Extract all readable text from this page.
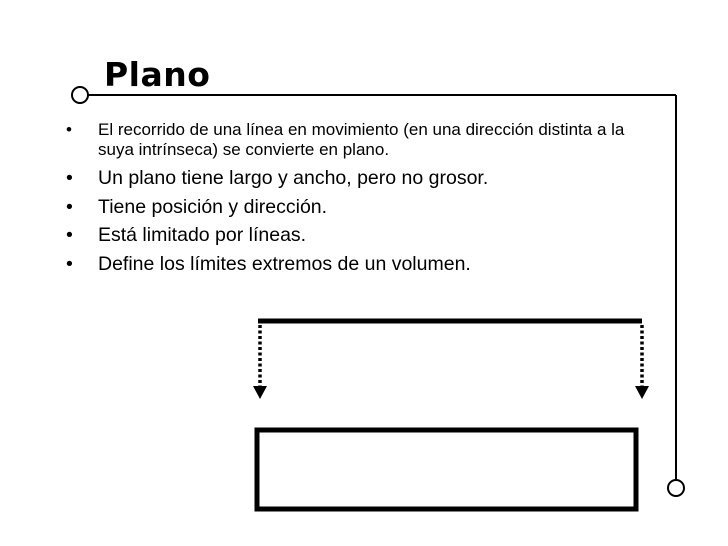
Plano
• El recorrido de una línea en movimiento (en una dirección distinta a la suya intrínseca) se convierte en plano.
• Un plano tiene largo y ancho, pero no grosor.
• Tiene posición y dirección.
• Está limitado por líneas.
• Define los límites extremos de un volumen.
